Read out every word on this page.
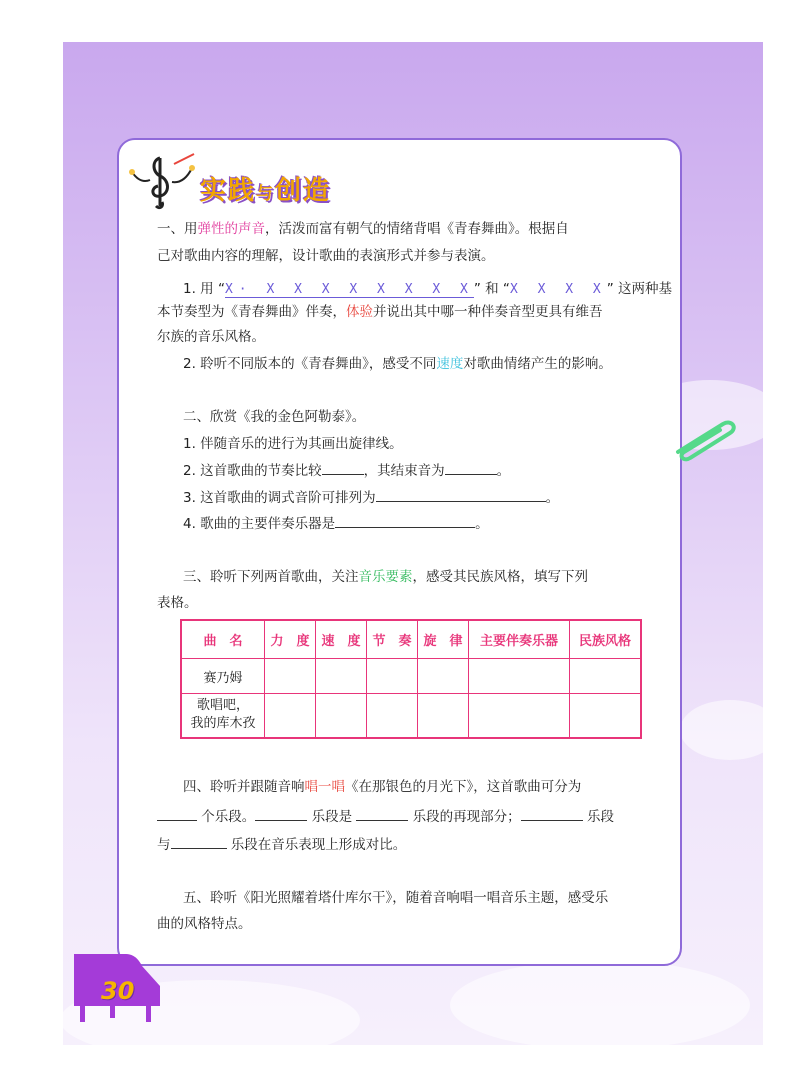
实践与创造
一、用弹性的声音，活泼而富有朝气的情绪背唱《青春舞曲》。根据自
己对歌曲内容的理解，设计歌曲的表演形式并参与表演。
1. 用 “X· X X X X X X X X” 和 “X X X X” 这两种基
本节奏型为《青春舞曲》伴奏，体验并说出其中哪一种伴奏音型更具有维吾
尔族的音乐风格。
2. 聆听不同版本的《青春舞曲》，感受不同速度对歌曲情绪产生的影响。
二、欣赏《我的金色阿勒泰》。
1. 伴随音乐的进行为其画出旋律线。
2. 这首歌曲的节奏比较	，其结束音为	。
3. 这首歌曲的调式音阶可排列为	。
4. 歌曲的主要伴奏乐器是	。
三、聆听下列两首歌曲，关注音乐要素，感受其民族风格，填写下列
表格。
曲　名	力　度	速　度	节　奏	旋　律	主要伴奏乐器	民族风格
赛乃姆						
歌唱吧，
我的库木孜						
四、聆听并跟随音响唱一唱《在那银色的月光下》，这首歌曲可分为
个乐段。	乐段是	乐段的再现部分；	乐段
与	乐段在音乐表现上形成对比。
五、聆听《阳光照耀着塔什库尔干》，随着音响唱一唱音乐主题，感受乐
曲的风格特点。
30
